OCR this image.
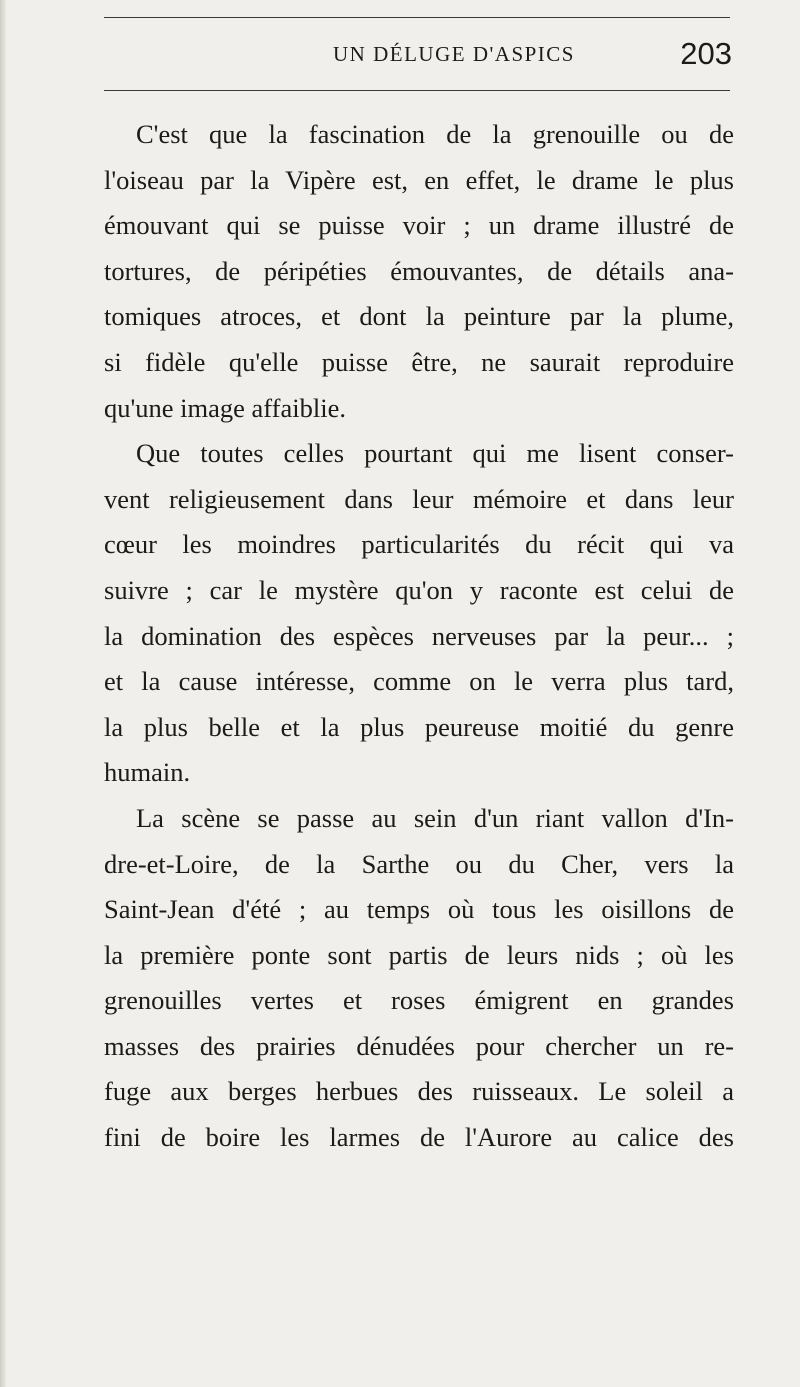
UN DÉLUGE D'ASPICS	203

C'est que la fascination de la grenouille ou de
l'oiseau par la Vipère est, en effet, le drame le plus
émouvant qui se puisse voir ; un drame illustré de
tortures, de péripéties émouvantes, de détails ana-
tomiques atroces, et dont la peinture par la plume,
si fidèle qu'elle puisse être, ne saurait reproduire
qu'une image affaiblie.

Que toutes celles pourtant qui me lisent conser-
vent religieusement dans leur mémoire et dans leur
cœur les moindres particularités du récit qui va
suivre ; car le mystère qu'on y raconte est celui de
la domination des espèces nerveuses par la peur... ;
et la cause intéresse, comme on le verra plus tard,
la plus belle et la plus peureuse moitié du genre
humain.

La scène se passe au sein d'un riant vallon d'In-
dre-et-Loire, de la Sarthe ou du Cher, vers la
Saint-Jean d'été ; au temps où tous les oisillons de
la première ponte sont partis de leurs nids ; où les
grenouilles vertes et roses émigrent en grandes
masses des prairies dénudées pour chercher un re-
fuge aux berges herbues des ruisseaux. Le soleil a
fini de boire les larmes de l'Aurore au calice des
